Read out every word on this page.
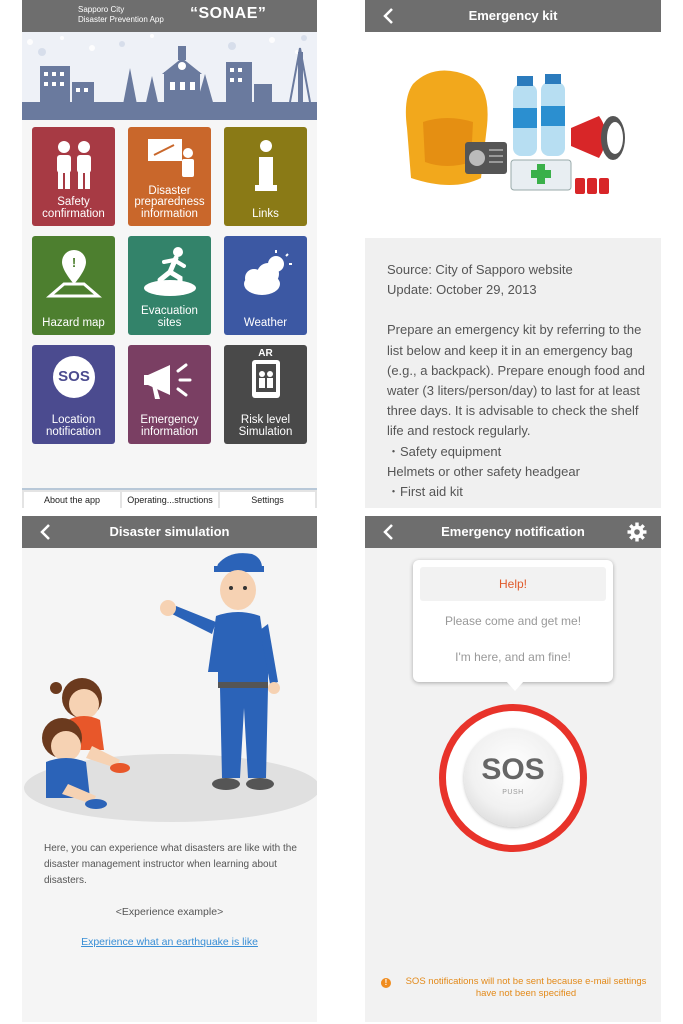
Sapporo City
Disaster Prevention App	“SONAE”
Safety
confirmation
Disaster
preparedness
information	Links
!
Hazard map
Evacuation
sites	Weather
SOS
Location
notification
Emergency
information
AR
Risk level
Simulation
About the app	Operating...structions	Settings
Emergency kit

Source: City of Sapporo website

Update: October 29, 2013

Prepare an emergency kit by referring to the list below and keep it in an emergency bag (e.g., a backpack). Prepare enough food and water (3 liters/person/day) to last for at least three days. It is advisable to check the shelf life and restock regularly.

・Safety equipment

Helmets or other safety headgear

・First aid kit

Disaster simulation
Here, you can experience what disasters are like with the disaster management instructor when learning about disasters.
<Experience example>
Experience what an earthquake is like
Emergency notification
Help!
Please come and get me!
I'm here, and am fine!
SOS
PUSH
!	SOS notifications will not be sent because e-mail settings have not been specified
